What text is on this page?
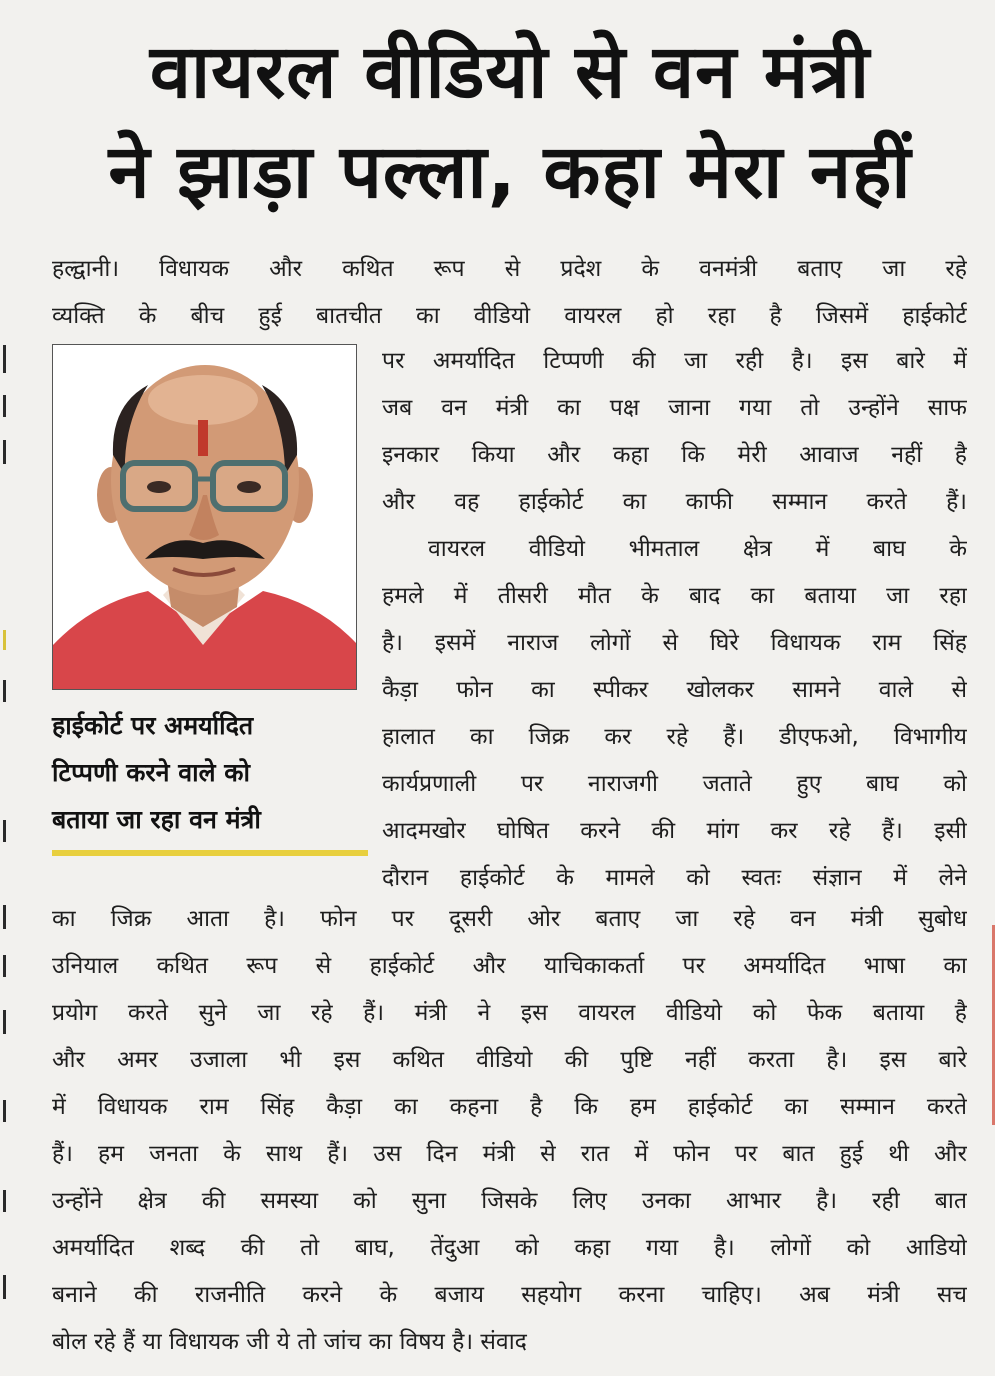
वायरल वीडियो से वन मंत्री
ने झाड़ा पल्ला, कहा मेरा नहीं
हल्द्वानी। विधायक और कथित रूप से प्रदेश के वनमंत्री बताए जा रहे
व्यक्ति के बीच हुई बातचीत का वीडियो वायरल हो रहा है जिसमें हाईकोर्ट
पर अमर्यादित टिप्पणी की जा रही है। इस बारे में
जब वन मंत्री का पक्ष जाना गया तो उन्होंने साफ
इनकार किया और कहा कि मेरी आवाज नहीं है
और वह हाईकोर्ट का काफी सम्मान करते हैं।
वायरल वीडियो भीमताल क्षेत्र में बाघ के
हमले में तीसरी मौत के बाद का बताया जा रहा
है। इसमें नाराज लोगों से घिरे विधायक राम सिंह
कैड़ा फोन का स्पीकर खोलकर सामने वाले से
हालात का जिक्र कर रहे हैं। डीएफओ, विभागीय
कार्यप्रणाली पर नाराजगी जताते हुए बाघ को
आदमखोर घोषित करने की मांग कर रहे हैं। इसी
दौरान हाईकोर्ट के मामले को स्वतः संज्ञान में लेने
हाईकोर्ट पर अमर्यादित
टिप्पणी करने वाले को
बताया जा रहा वन मंत्री
का जिक्र आता है। फोन पर दूसरी ओर बताए जा रहे वन मंत्री सुबोध
उनियाल कथित रूप से हाईकोर्ट और याचिकाकर्ता पर अमर्यादित भाषा का
प्रयोग करते सुने जा रहे हैं। मंत्री ने इस वायरल वीडियो को फेक बताया है
और अमर उजाला भी इस कथित वीडियो की पुष्टि नहीं करता है। इस बारे
में विधायक राम सिंह कैड़ा का कहना है कि हम हाईकोर्ट का सम्मान करते
हैं। हम जनता के साथ हैं। उस दिन मंत्री से रात में फोन पर बात हुई थी और
उन्होंने क्षेत्र की समस्या को सुना जिसके लिए उनका आभार है। रही बात
अमर्यादित शब्द की तो बाघ, तेंदुआ को कहा गया है। लोगों को आडियो
बनाने की राजनीति करने के बजाय सहयोग करना चाहिए। अब मंत्री सच
बोल रहे हैं या विधायक जी ये तो जांच का विषय है। संवाद
